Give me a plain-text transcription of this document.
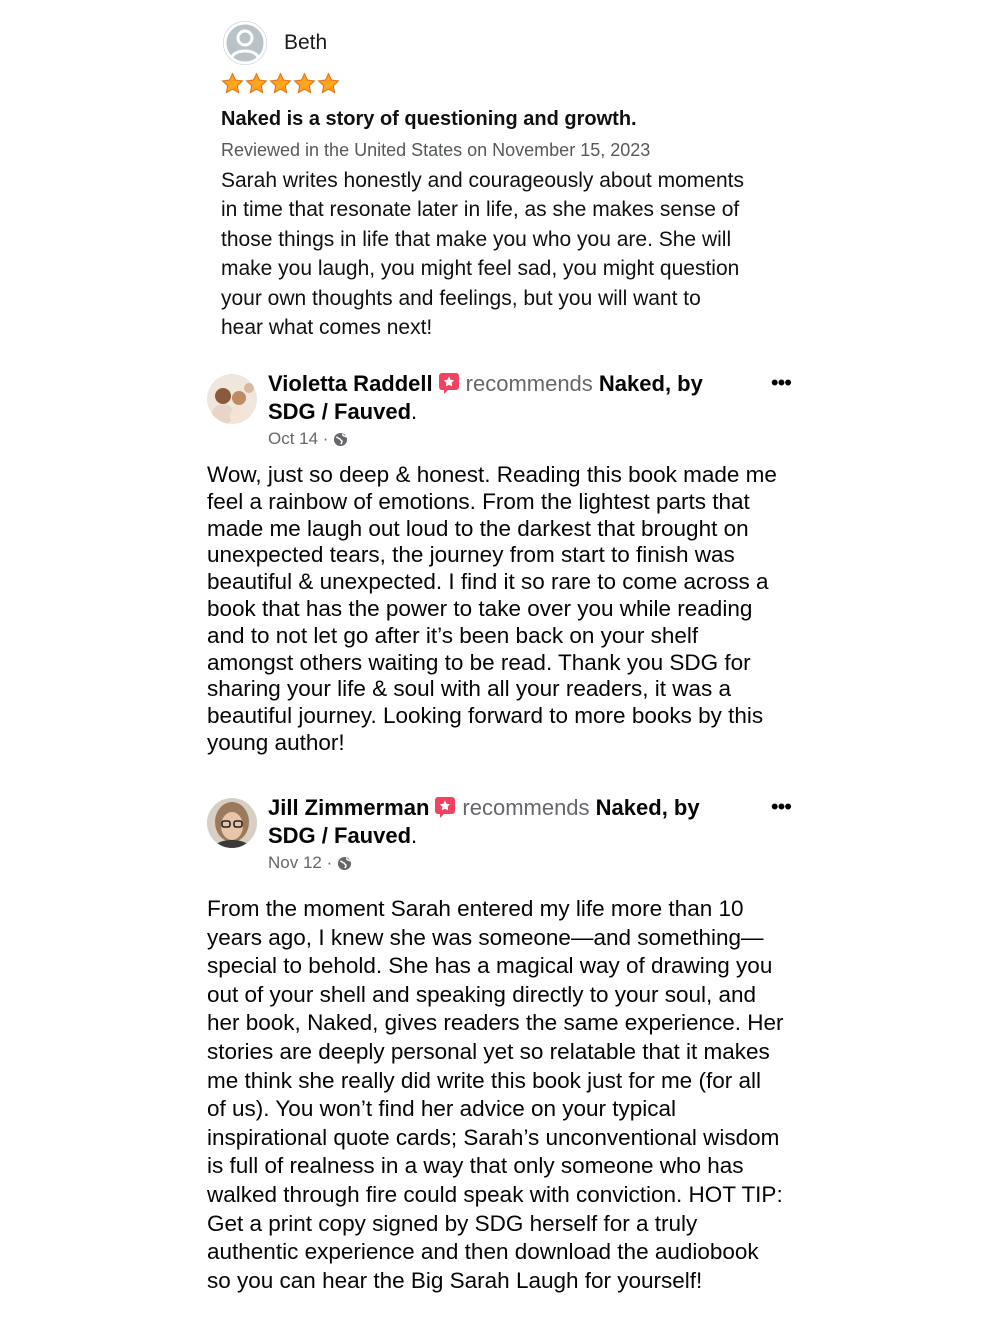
Beth
Naked is a story of questioning and growth.
Reviewed in the United States on November 15, 2023
Sarah writes honestly and courageously about moments
in time that resonate later in life, as she makes sense of
those things in life that make you who you are. She will
make you laugh, you might feel sad, you might question
your own thoughts and feelings, but you will want to
hear what comes next!
Violetta Raddell recommends Naked, by SDG / Fauved.
Oct 14 ·
•••
Wow, just so deep & honest. Reading this book made me
feel a rainbow of emotions. From the lightest parts that
made me laugh out loud to the darkest that brought on
unexpected tears, the journey from start to finish was
beautiful & unexpected. I find it so rare to come across a
book that has the power to take over you while reading
and to not let go after it’s been back on your shelf
amongst others waiting to be read. Thank you SDG for
sharing your life & soul with all your readers, it was a
beautiful journey. Looking forward to more books by this
young author!
Jill Zimmerman recommends Naked, by SDG / Fauved.
Nov 12 ·
•••
From the moment Sarah entered my life more than 10
years ago, I knew she was someone—and something—
special to behold. She has a magical way of drawing you
out of your shell and speaking directly to your soul, and
her book, Naked, gives readers the same experience. Her
stories are deeply personal yet so relatable that it makes
me think she really did write this book just for me (for all
of us). You won’t find her advice on your typical
inspirational quote cards; Sarah’s unconventional wisdom
is full of realness in a way that only someone who has
walked through fire could speak with conviction. HOT TIP:
Get a print copy signed by SDG herself for a truly
authentic experience and then download the audiobook
so you can hear the Big Sarah Laugh for yourself!
